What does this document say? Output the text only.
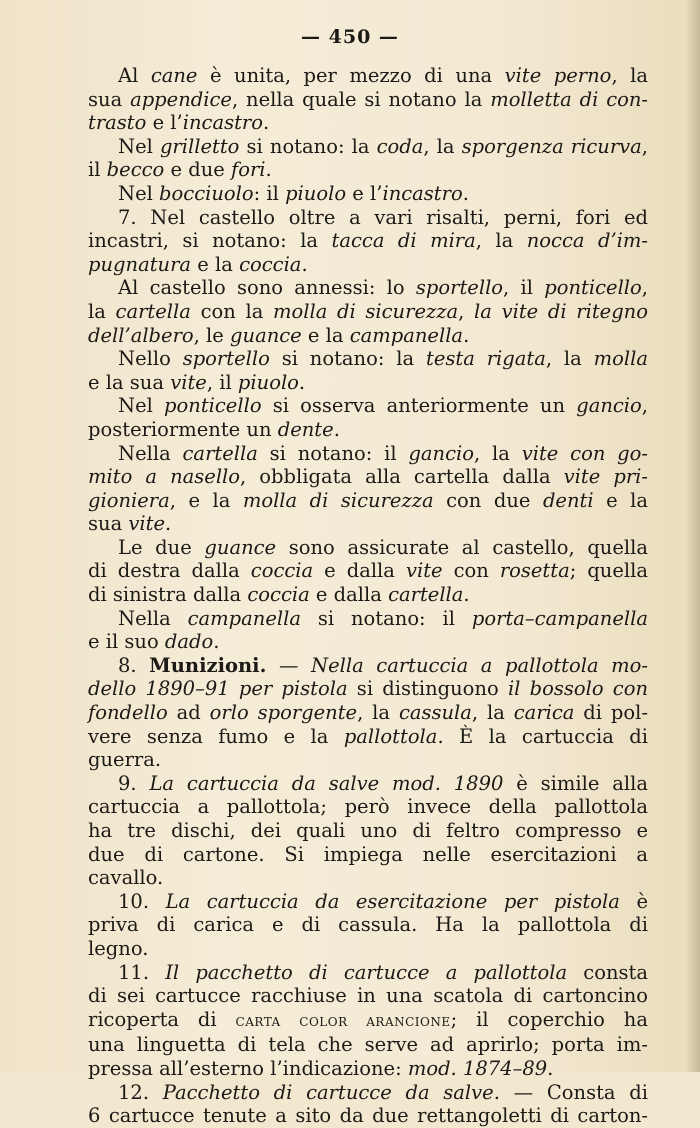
— 450 —
Al cane è unita, per mezzo di una vite perno, la
sua appendice, nella quale si notano la molletta di con-
trasto e l’incastro.
Nel grilletto si notano: la coda, la sporgenza ricurva,
il becco e due fori.
Nel bocciuolo: il piuolo e l’incastro.
7. Nel castello oltre a vari risalti, perni, fori ed
incastri, si notano: la tacca di mira, la nocca d’im-
pugnatura e la coccia.
Al castello sono annessi: lo sportello, il ponticello,
la cartella con la molla di sicurezza, la vite di ritegno
dell’albero, le guance e la campanella.
Nello sportello si notano: la testa rigata, la molla
e la sua vite, il piuolo.
Nel ponticello si osserva anteriormente un gancio,
posteriormente un dente.
Nella cartella si notano: il gancio, la vite con go-
mito a nasello, obbligata alla cartella dalla vite pri-
gioniera, e la molla di sicurezza con due denti e la
sua vite.
Le due guance sono assicurate al castello, quella
di destra dalla coccia e dalla vite con rosetta; quella
di sinistra dalla coccia e dalla cartella.
Nella campanella si notano: il porta–campanella
e il suo dado.
8. Munizioni. — Nella cartuccia a pallottola mo-
dello 1890–91 per pistola si distinguono il bossolo con
fondello ad orlo sporgente, la cassula, la carica di pol-
vere senza fumo e la pallottola. È la cartuccia di
guerra.
9. La cartuccia da salve mod. 1890 è simile alla
cartuccia a pallottola; però invece della pallottola
ha tre dischi, dei quali uno di feltro compresso e
due di cartone. Si impiega nelle esercitazioni a
cavallo.
10. La cartuccia da esercitazione per pistola è
priva di carica e di cassula. Ha la pallottola di
legno.
11. Il pacchetto di cartucce a pallottola consta
di sei cartucce racchiuse in una scatola di cartoncino
ricoperta di carta color arancione; il coperchio ha
una linguetta di tela che serve ad aprirlo; porta im-
pressa all’esterno l’indicazione: mod. 1874–89.
12. Pacchetto di cartucce da salve. — Consta di
6 cartucce tenute a sito da due rettangoletti di carton-
